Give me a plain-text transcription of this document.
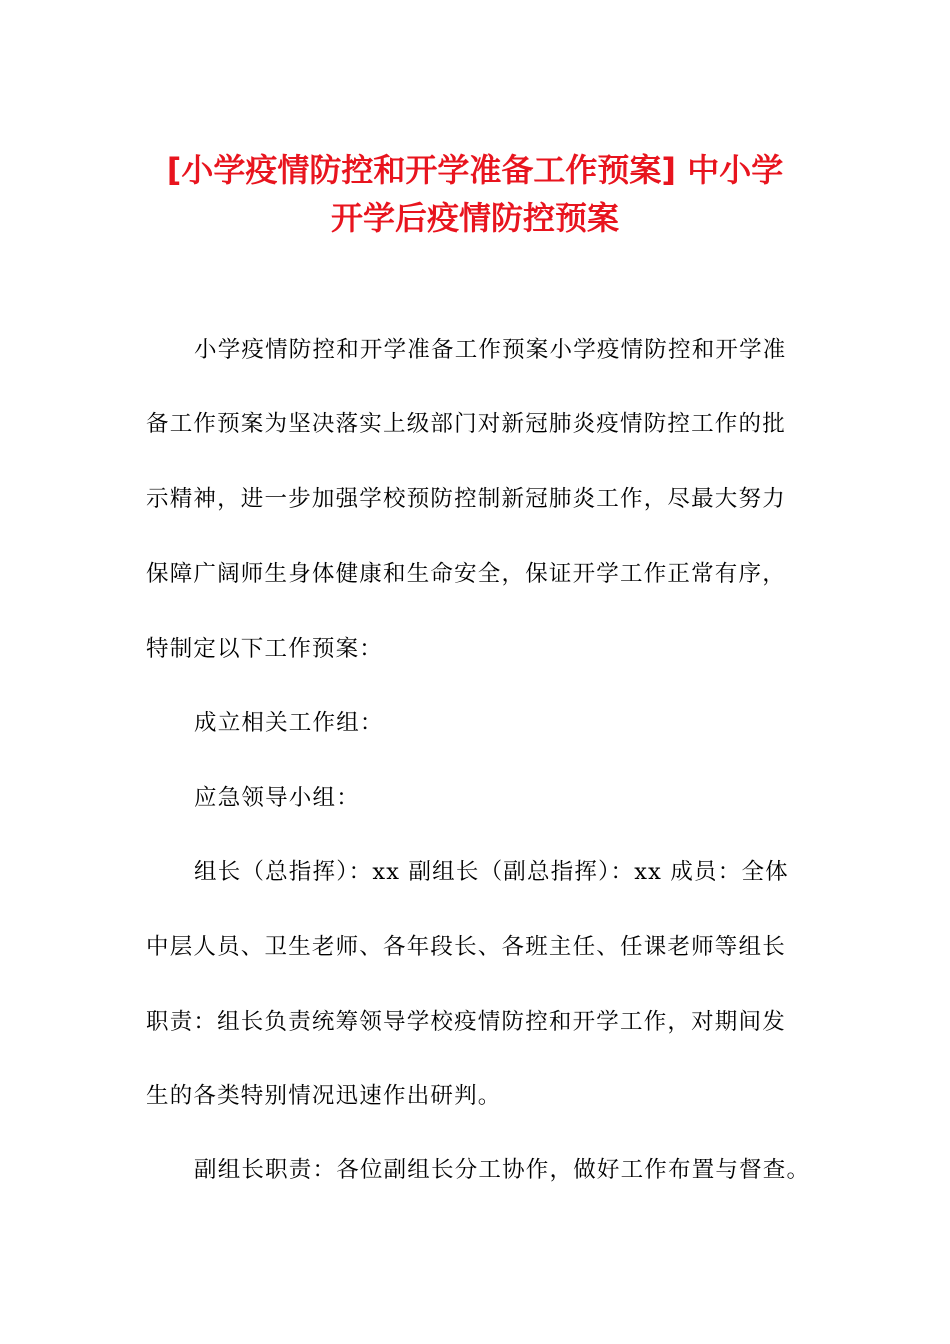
[小学疫情防控和开学准备工作预案] 中小学
开学后疫情防控预案
小学疫情防控和开学准备工作预案小学疫情防控和开学准
备工作预案为坚决落实上级部门对新冠肺炎疫情防控工作的批
示精神，进一步加强学校预防控制新冠肺炎工作，尽最大努力
保障广阔师生身体健康和生命安全，保证开学工作正常有序，
特制定以下工作预案：
成立相关工作组：
应急领导小组：
组长（总指挥）：xx 副组长（副总指挥）：xx 成员：全体
中层人员、卫生老师、各年段长、各班主任、任课老师等组长
职责：组长负责统筹领导学校疫情防控和开学工作，对期间发
生的各类特别情况迅速作出研判。
副组长职责：各位副组长分工协作，做好工作布置与督查。
